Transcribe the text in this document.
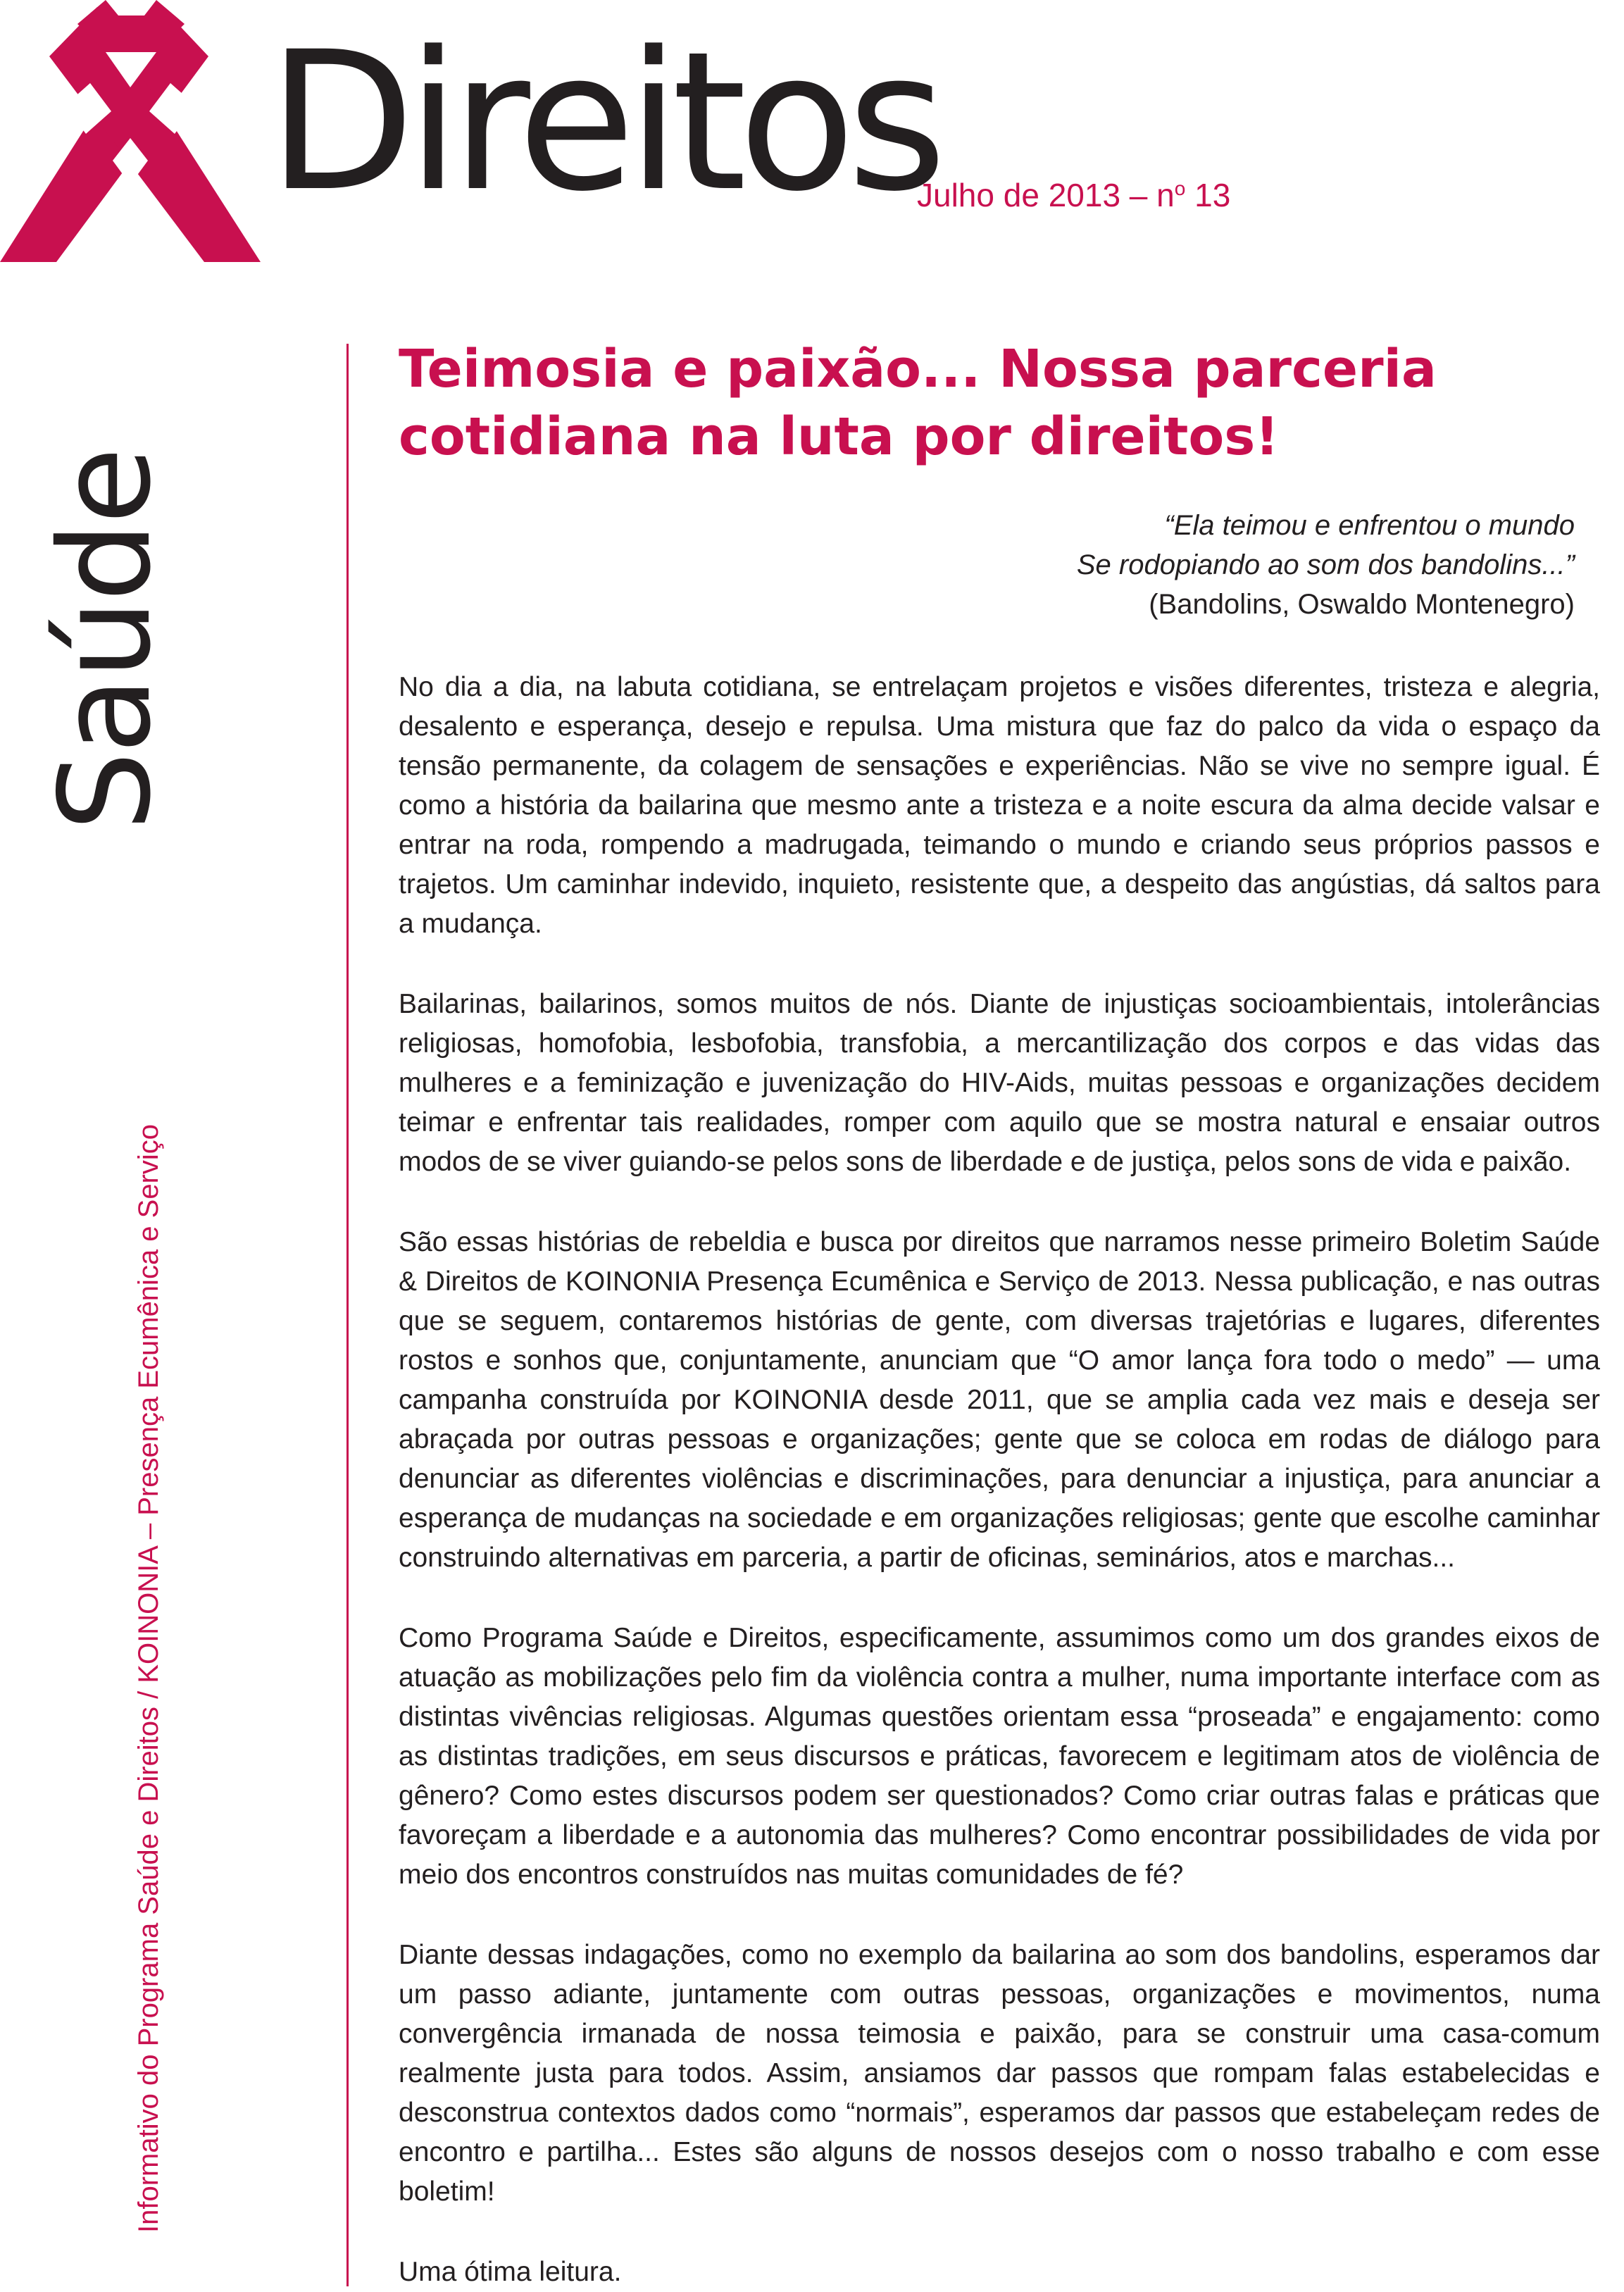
Direitos
Julho de $2013 - n^o$ 13
Saúde
Informativo do Programa Saúde e Direitos / KOINONIA – Presença Ecumênica e Serviço
Teimosia e paixão... Nossa parceria
cotidiana na luta por direitos!
“Ela teimou e enfrentou o mundo
Se rodopiando ao som dos bandolins...”
(Bandolins, Oswaldo Montenegro)

No dia a dia, na labuta cotidiana, se entrelaçam projetos e visões diferentes, tristeza e alegria, desalento e esperança, desejo e repulsa. Uma mistura que faz do palco da vida o espaço da tensão permanente, da colagem de sensações e experiências. Não se vive no sempre igual. É como a história da bailarina que mesmo ante a tristeza e a noite escura da alma decide valsar e entrar na roda, rompendo a madrugada, teimando o mundo e criando seus próprios passos e trajetos. Um caminhar indevido, inquieto, resistente que, a despeito das angústias, dá saltos para a mudança.

Bailarinas, bailarinos, somos muitos de nós. Diante de injustiças socioambientais, intolerâncias religiosas, homofobia, lesbofobia, transfobia, a mercantilização dos corpos e das vidas das mulheres e a feminização e juvenização do HIV-Aids, muitas pessoas e organizações decidem teimar e enfrentar tais realidades, romper com aquilo que se mostra natural e ensaiar outros modos de se viver guiando-se pelos sons de liberdade e de justiça, pelos sons de vida e paixão.

São essas histórias de rebeldia e busca por direitos que narramos nesse primeiro Boletim Saúde & Direitos de KOINONIA Presença Ecumênica e Serviço de 2013. Nessa publicação, e nas outras que se seguem, contaremos histórias de gente, com diversas trajetórias e lugares, diferentes rostos e sonhos que, conjuntamente, anunciam que “O amor lança fora todo o medo” — uma campanha construída por KOINONIA desde 2011, que se amplia cada vez mais e deseja ser abraçada por outras pessoas e organizações; gente que se coloca em rodas de diálogo para denunciar as diferentes violências e discriminações, para denunciar a injustiça, para anunciar a esperança de mudanças na sociedade e em organizações religiosas; gente que escolhe caminhar construindo alternativas em parceria, a partir de oficinas, seminários, atos e marchas...

Como Programa Saúde e Direitos, especificamente, assumimos como um dos grandes eixos de atuação as mobilizações pelo fim da violência contra a mulher, numa importante interface com as distintas vivências religiosas. Algumas questões orientam essa “proseada” e engajamento: como as distintas tradições, em seus discursos e práticas, favorecem e legitimam atos de violência de gênero? Como estes discursos podem ser questionados? Como criar outras falas e práticas que favoreçam a liberdade e a autonomia das mulheres? Como encontrar possibilidades de vida por meio dos encontros construídos nas muitas comunidades de fé?

Diante dessas indagações, como no exemplo da bailarina ao som dos bandolins, esperamos dar um passo adiante, juntamente com outras pessoas, organizações e movimentos, numa convergência irmanada de nossa teimosia e paixão, para se construir uma casa-comum realmente justa para todos. Assim, ansiamos dar passos que rompam falas estabelecidas e desconstrua contextos dados como “normais”, esperamos dar passos que estabeleçam redes de encontro e partilha... Estes são alguns de nossos desejos com o nosso trabalho e com esse boletim!

Uma ótima leitura.
